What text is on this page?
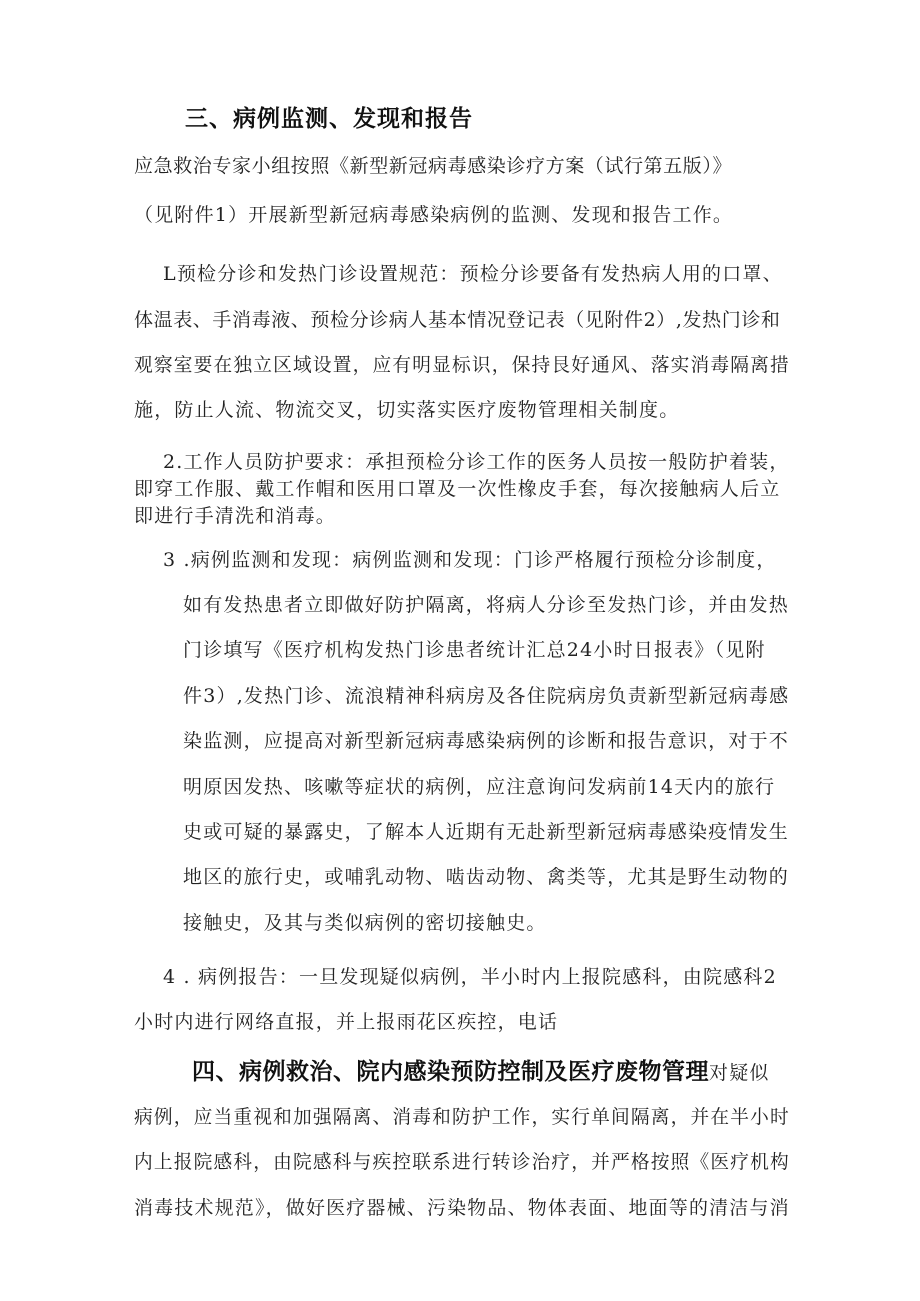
三、病例监测、发现和报告
应急救治专家小组按照《新型新冠病毒感染诊疗方案（试行第五版）》
（见附件1）开展新型新冠病毒感染病例的监测、发现和报告工作。
L预检分诊和发热门诊设置规范：预检分诊要备有发热病人用的口罩、
体温表、手消毒液、预检分诊病人基本情况登记表（见附件2）,发热门诊和
观察室要在独立区域设置，应有明显标识，保持艮好通风、落实消毒隔离措
施，防止人流、物流交叉，切实落实医疗废物管理相关制度。
2.工作人员防护要求：承担预检分诊工作的医务人员按一般防护着装，
即穿工作服、戴工作帽和医用口罩及一次性橡皮手套，每次接触病人后立
即进行手清洗和消毒。
3 .病例监测和发现：病例监测和发现：门诊严格履行预检分诊制度，
如有发热患者立即做好防护隔离，将病人分诊至发热门诊，并由发热
门诊填写《医疗机构发热门诊患者统计汇总24小时日报表》（见附
件3）,发热门诊、流浪精神科病房及各住院病房负责新型新冠病毒感
染监测，应提高对新型新冠病毒感染病例的诊断和报告意识，对于不
明原因发热、咳嗽等症状的病例，应注意询问发病前14天内的旅行
史或可疑的暴露史，了解本人近期有无赴新型新冠病毒感染疫情发生
地区的旅行史，或哺乳动物、啮齿动物、禽类等，尤其是野生动物的
接触史，及其与类似病例的密切接触史。
4 . 病例报告：一旦发现疑似病例，半小时内上报院感科，由院感科2
小时内进行网络直报，并上报雨花区疾控，电话
四、病例救治、院内感染预防控制及医疗废物管理对疑似
病例，应当重视和加强隔离、消毒和防护工作，实行单间隔离，并在半小时
内上报院感科，由院感科与疾控联系进行转诊治疗，并严格按照《医疗机构
消毒技术规范》，做好医疗器械、污染物品、物体表面、地面等的清洁与消
